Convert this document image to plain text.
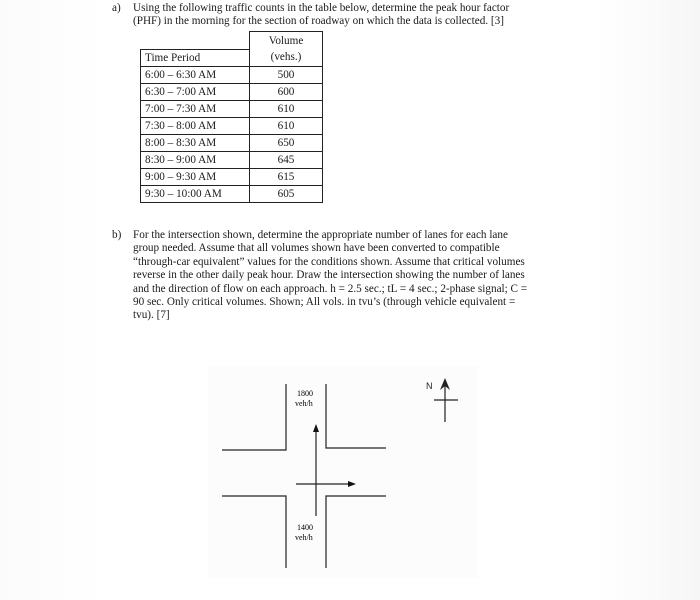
a) Using the following traffic counts in the table below, determine the peak hour factor

(PHF) in the morning for the section of roadway on which the data is collected. [3]

	Volume

Time Period	(vehs.)
6:00 – 6:30 AM	500
6:30 – 7:00 AM	600
7:00 – 7:30 AM	610
7:30 – 8:00 AM	610
8:00 – 8:30 AM	650
8:30 – 9:00 AM	645
9:00 – 9:30 AM	615
9:30 – 10:00 AM	605
b) For the intersection shown, determine the appropriate number of lanes for each lane

group needed. Assume that all volumes shown have been converted to compatible

“through-car equivalent” values for the conditions shown. Assume that critical volumes

reverse in the other daily peak hour. Draw the intersection showing the number of lanes

and the direction of flow on each approach. h = 2.5 sec.; tL = 4 sec.; 2-phase signal; C =

90 sec. Only critical volumes. Shown; All vols. in tvu’s (through vehicle equivalent =

tvu). [7]

1800
veh/h
1400
veh/h
N
